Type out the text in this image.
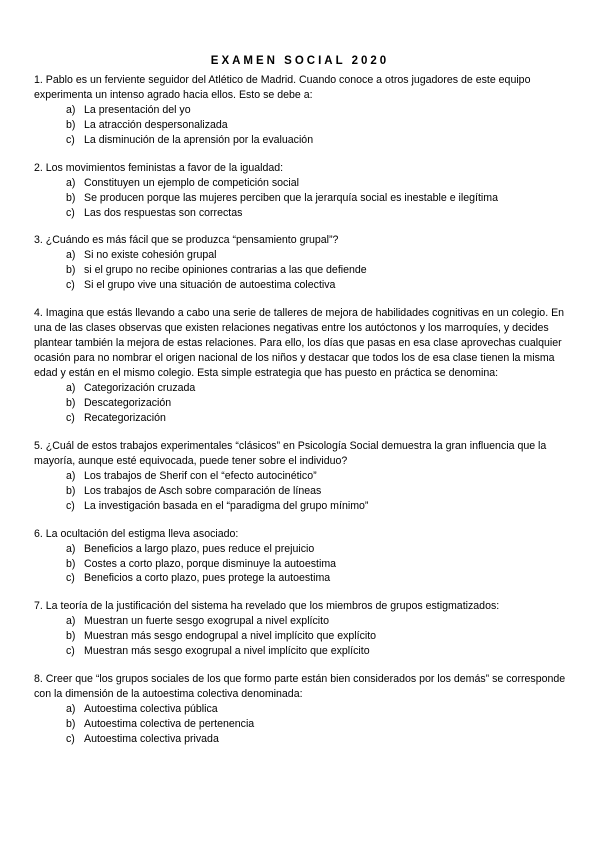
EXAMEN SOCIAL 2020

1. Pablo es un ferviente seguidor del Atlético de Madrid. Cuando conoce a otros jugadores de este equipo experimenta un intenso agrado hacia ellos. Esto se debe a:

a) La presentación del yo
b) La atracción despersonalizada
c) La disminución de la aprensión por la evaluación

2. Los movimientos feministas a favor de la igualdad:

a) Constituyen un ejemplo de competición social
b) Se producen porque las mujeres perciben que la jerarquía social es inestable e ilegítima
c) Las dos respuestas son correctas

3. ¿Cuándo es más fácil que se produzca “pensamiento grupal”?

a) Si no existe cohesión grupal
b) si el grupo no recibe opiniones contrarias a las que defiende
c) Si el grupo vive una situación de autoestima colectiva

4. Imagina que estás llevando a cabo una serie de talleres de mejora de habilidades cognitivas en un colegio. En una de las clases observas que existen relaciones negativas entre los autóctonos y los marroquíes, y decides plantear también la mejora de estas relaciones. Para ello, los días que pasas en esa clase aprovechas cualquier ocasión para no nombrar el origen nacional de los niños y destacar que todos los de esa clase tienen la misma edad y están en el mismo colegio. Esta simple estrategia que has puesto en práctica se denomina:

a) Categorización cruzada
b) Descategorización
c) Recategorización

5. ¿Cuál de estos trabajos experimentales “clásicos” en Psicología Social demuestra la gran influencia que la mayoría, aunque esté equivocada, puede tener sobre el individuo?

a) Los trabajos de Sherif con el “efecto autocinético”
b) Los trabajos de Asch sobre comparación de líneas
c) La investigación basada en el “paradigma del grupo mínimo”

6. La ocultación del estigma lleva asociado:

a) Beneficios a largo plazo, pues reduce el prejuicio
b) Costes a corto plazo, porque disminuye la autoestima
c) Beneficios a corto plazo, pues protege la autoestima

7. La teoría de la justificación del sistema ha revelado que los miembros de grupos estigmatizados:

a) Muestran un fuerte sesgo exogrupal a nivel explícito
b) Muestran más sesgo endogrupal a nivel implícito que explícito
c) Muestran más sesgo exogrupal a nivel implícito que explícito

8. Creer que “los grupos sociales de los que formo parte están bien considerados por los demás” se corresponde con la dimensión de la autoestima colectiva denominada:

a) Autoestima colectiva pública
b) Autoestima colectiva de pertenencia
c) Autoestima colectiva privada
